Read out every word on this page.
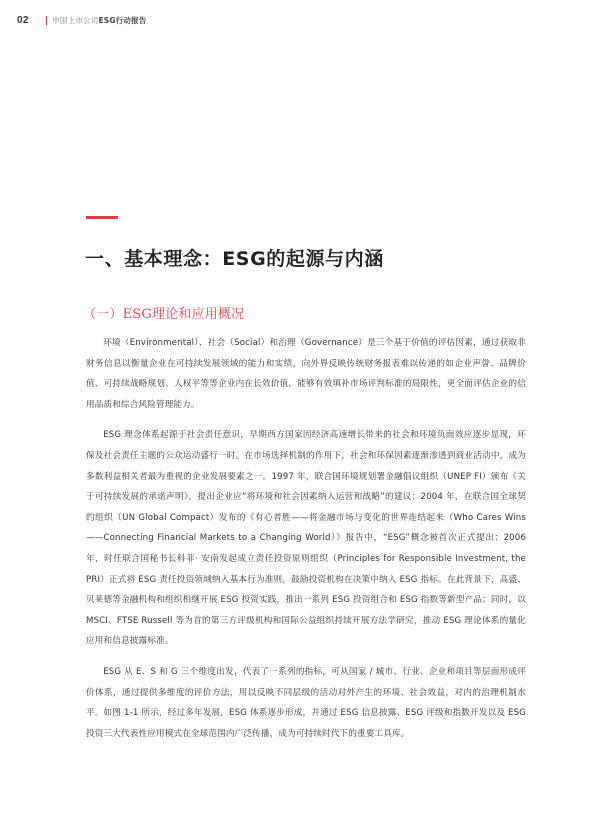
02	中国上市公司ESG行动报告
一、基本理念：ESG的起源与内涵
（一）ESG理论和应用概况

环境（Environmental）、社会（Social）和治理（Governance）是三个基于价值的评估因素，通过获取非财务信息以衡量企业在可持续发展领域的能力和实绩，向外界反映传统财务报表难以传递的如企业声誉、品牌价值、可持续战略规划、人权平等等企业内在长效价值，能够有效填补市场评判标准的局限性，更全面评估企业的信用品质和综合风险管理能力。

ESG 理念体系起源于社会责任意识，早期西方国家因经济高速增长带来的社会和环境负面效应逐步显现，环保及社会责任主题的公众运动盛行一时。在市场选择机制的作用下，社会和环保因素逐渐渗透到商业活动中，成为多数利益相关者最为重视的企业发展要素之一。1997 年，联合国环境规划署金融倡议组织（UNEP FI）颁布《关于可持续发展的承诺声明》，提出企业应“将环境和社会因素纳入运营和战略”的建议；2004 年，在联合国全球契约组织（UN Global Compact）发布的《有心者胜——将金融市场与变化的世界连结起来（Who Cares Wins——Connecting Financial Markets to a Changing World）》报告中，“ESG”概念被首次正式提出；2006 年，时任联合国秘书长科菲· 安南发起成立责任投资原则组织（Principles for Responsible Investment, the PRI）正式将 ESG 责任投资领域纳入基本行为准则，鼓励投资机构在决策中纳入 ESG 指标。在此背景下，高盛、贝莱德等金融机构和组织相继开展 ESG 投资实践，推出一系列 ESG 投资组合和 ESG 指数等新型产品；同时，以 MSCI、FTSE Russell 等为首的第三方评级机构和国际公益组织持续开展方法学研究，推动 ESG 理论体系的量化应用和信息披露标准。

ESG 从 E、S 和 G 三个维度出发，代表了一系列的指标，可从国家 / 城市、行业、企业和项目等层面形成评价体系，通过提供多维度的评价方法，用以反映不同层级的活动对外产生的环境、社会效益，对内的治理机制水平。如图 1-1 所示，经过多年发展，ESG 体系逐步形成，并通过 ESG 信息披露、ESG 评级和指数开发以及 ESG 投资三大代表性应用模式在全球范围内广泛传播，成为可持续时代下的重要工具库。
